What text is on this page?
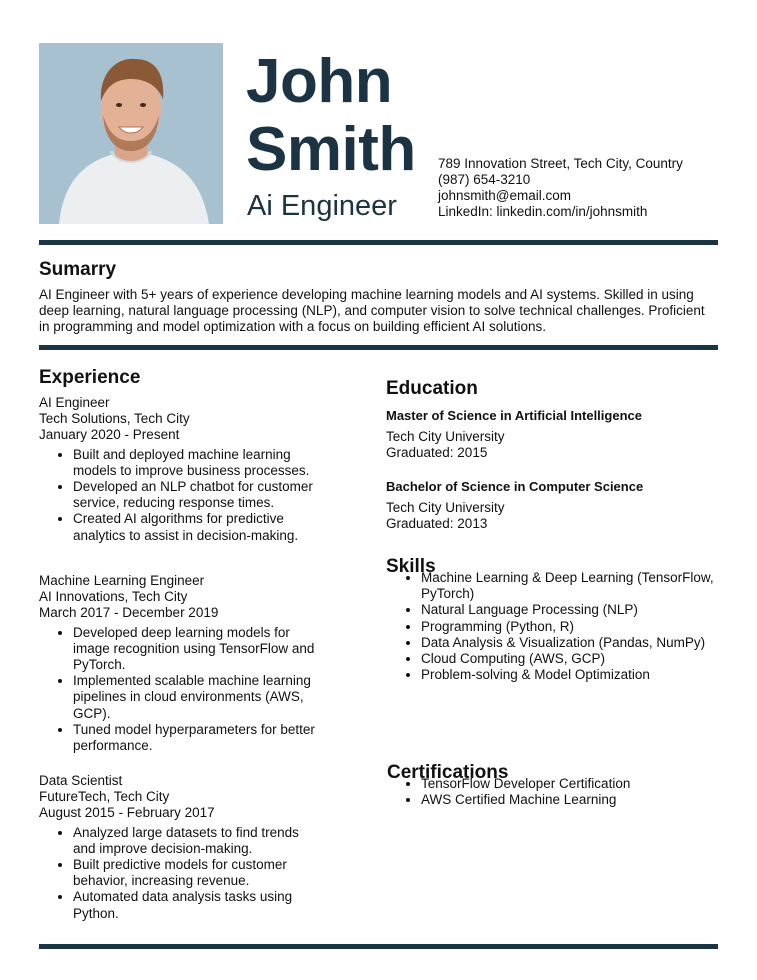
John
Smith
Ai Engineer
789 Innovation Street, Tech City, Country
(987) 654-3210
johnsmith@email.com
LinkedIn: linkedin.com/in/johnsmith
Sumarry
AI Engineer with 5+ years of experience developing machine learning models and AI systems. Skilled in using deep learning, natural language processing (NLP), and computer vision to solve technical challenges. Proficient in programming and model optimization with a focus on building efficient AI solutions.
Experience
AI Engineer
Tech Solutions, Tech City
January 2020 - Present
• Built and deployed machine learning models to improve business processes.
• Developed an NLP chatbot for customer service, reducing response times.
• Created AI algorithms for predictive analytics to assist in decision-making.
Machine Learning Engineer
AI Innovations, Tech City
March 2017 - December 2019
• Developed deep learning models for image recognition using TensorFlow and PyTorch.
• Implemented scalable machine learning pipelines in cloud environments (AWS, GCP).
• Tuned model hyperparameters for better performance.
Data Scientist
FutureTech, Tech City
August 2015 - February 2017
• Analyzed large datasets to find trends and improve decision-making.
• Built predictive models for customer behavior, increasing revenue.
• Automated data analysis tasks using Python.
Education
Master of Science in Artificial Intelligence
Tech City University
Graduated: 2015
Bachelor of Science in Computer Science
Tech City University
Graduated: 2013
Skills
• Machine Learning & Deep Learning (TensorFlow, PyTorch)
• Natural Language Processing (NLP)
• Programming (Python, R)
• Data Analysis & Visualization (Pandas, NumPy)
• Cloud Computing (AWS, GCP)
• Problem-solving & Model Optimization
Certifications
• TensorFlow Developer Certification
• AWS Certified Machine Learning
